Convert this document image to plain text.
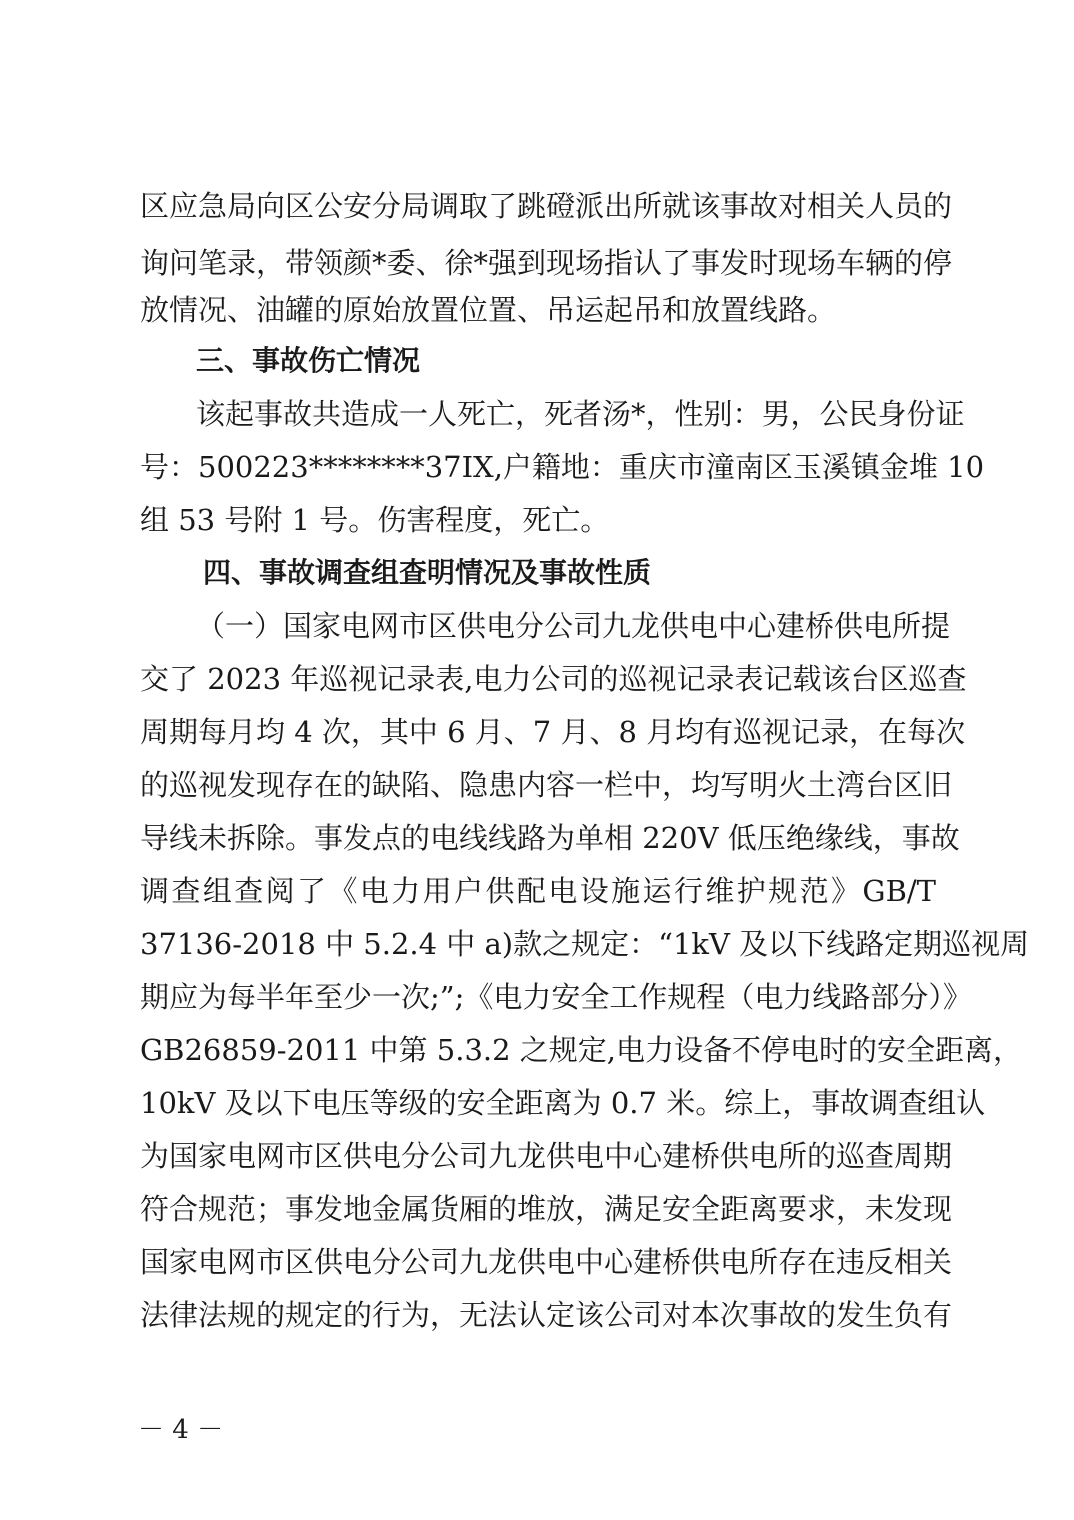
区应急局向区公安分局调取了跳磴派出所就该事故对相关人员的
询问笔录，带领颜*委、徐*强到现场指认了事发时现场车辆的停
放情况、油罐的原始放置位置、吊运起吊和放置线路。
三、事故伤亡情况
该起事故共造成一人死亡，死者汤*，性别：男，公民身份证
号：500223********37IX,户籍地：重庆市潼南区玉溪镇金堆 10
组 53 号附 1 号。伤害程度，死亡。
四、事故调查组查明情况及事故性质
（一）国家电网市区供电分公司九龙供电中心建桥供电所提
交了 2023 年巡视记录表,电力公司的巡视记录表记载该台区巡查
周期每月均 4 次，其中 6 月、7 月、8 月均有巡视记录，在每次
的巡视发现存在的缺陷、隐患内容一栏中，均写明火土湾台区旧
导线未拆除。事发点的电线线路为单相 220V 低压绝缘线，事故
调查组查阅了《电力用户供配电设施运行维护规范》GB/T
37136-2018 中 5.2.4 中 a)款之规定：“1kV 及以下线路定期巡视周
期应为每半年至少一次;”;《电力安全工作规程（电力线路部分）》
GB26859-2011 中第 5.3.2 之规定,电力设备不停电时的安全距离，
10kV 及以下电压等级的安全距离为 0.7 米。综上，事故调查组认
为国家电网市区供电分公司九龙供电中心建桥供电所的巡查周期
符合规范；事发地金属货厢的堆放，满足安全距离要求，未发现
国家电网市区供电分公司九龙供电中心建桥供电所存在违反相关
法律法规的规定的行为，无法认定该公司对本次事故的发生负有
－ 4 －
